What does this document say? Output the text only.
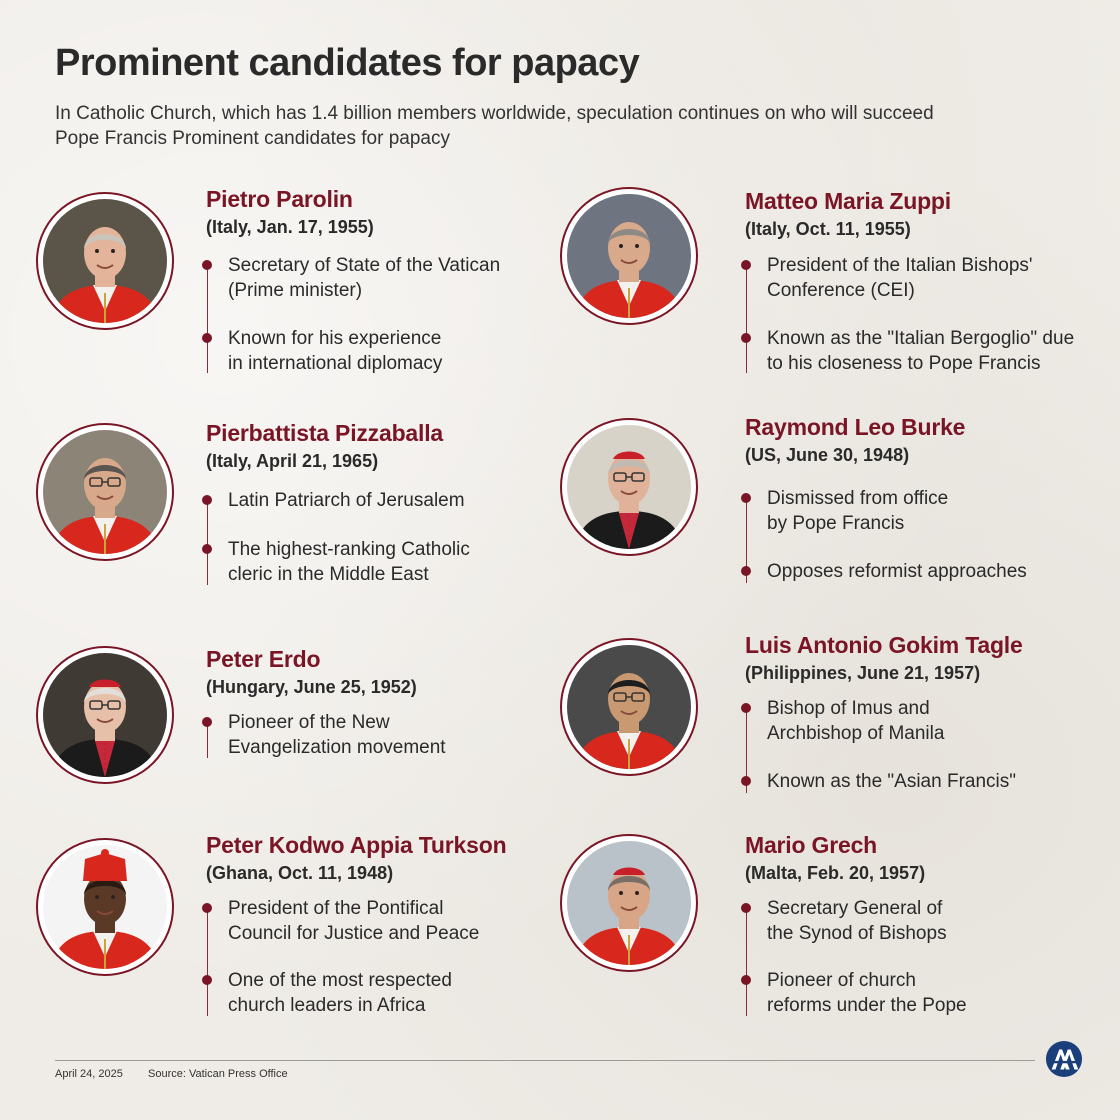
Prominent candidates for papacy

In Catholic Church, which has 1.4 billion members worldwide, speculation continues on who will succeed Pope Francis Prominent candidates for papacy

Pietro Parolin
(Italy, Jan. 17, 1955)
Secretary of State of the Vatican
(Prime minister)
Known for his experience
in international diplomacy
Matteo Maria Zuppi
(Italy, Oct. 11, 1955)
President of the Italian Bishops'
Conference (CEI)
Known as the "Italian Bergoglio" due
to his closeness to Pope Francis
Pierbattista Pizzaballa
(Italy, April 21, 1965)
Latin Patriarch of Jerusalem
The highest-ranking Catholic
cleric in the Middle East
Raymond Leo Burke
(US, June 30, 1948)
Dismissed from office
by Pope Francis
Opposes reformist approaches
Peter Erdo
(Hungary, June 25, 1952)
Pioneer of the New
Evangelization movement
Luis Antonio Gokim Tagle
(Philippines, June 21, 1957)
Bishop of Imus and
Archbishop of Manila
Known as the "Asian Francis"
Peter Kodwo Appia Turkson
(Ghana, Oct. 11, 1948)
President of the Pontifical
Council for Justice and Peace
One of the most respected
church leaders in Africa
Mario Grech
(Malta, Feb. 20, 1957)
Secretary General of
the Synod of Bishops
Pioneer of church
reforms under the Pope
April 24, 2025 Source: Vatican Press Office
